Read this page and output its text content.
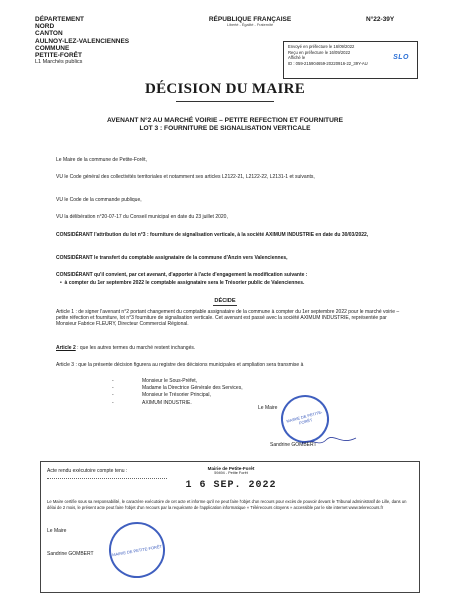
DÉPARTEMENT
NORD
CANTON
AULNOY-LEZ-VALENCIENNES
COMMUNE
PETITE-FORÊT
L1 Marchés publics
RÉPUBLIQUE FRANÇAISE
Liberté - Égalité - Fraternité
N°22-39Y
Envoyé en préfecture le 16/09/2022
Reçu en préfecture le 16/09/2022
Affiché le
ID : 059-215904659-20220916-22_39Y-AU
SLO
DÉCISION DU MAIRE
AVENANT N°2 AU MARCHÉ VOIRIE – PETITE REFECTION ET FOURNITURE
LOT 3 : FOURNITURE DE SIGNALISATION VERTICALE
Le Maire de la commune de Petite-Forêt,
VU le Code général des collectivités territoriales et notamment ses articles L2122-21, L2122-22, L2131-1 et suivants,
VU le Code de la commande publique,
VU la délibération n°20-07-17 du Conseil municipal en date du 23 juillet 2020,
CONSIDÉRANT l'attribution du lot n°3 : fourniture de signalisation verticale, à la société AXIMUM INDUSTRIE en date du 30/03/2022,
CONSIDÉRANT le transfert du comptable assignataire de la commune d'Anzin vers Valenciennes,
CONSIDÉRANT qu'il convient, par cet avenant, d'apporter à l'acte d'engagement la modification suivante :
•  à compter du 1er septembre 2022 le comptable assignataire sera le Trésorier public de Valenciennes.
DÉCIDE
Article 1 : de signer l'avenant n°2 portant changement du comptable assignataire de la commune à compter du 1er septembre 2022 pour le marché voirie – petite réfection et fourniture, lot n°3 fourniture de signalisation verticale. Cet avenant est passé avec la société AXIMUM INDUSTRIE, représentée par Monsieur Fabrice FLEURY, Directeur Commercial Régional.
Article 2 : que les autres termes du marché restent inchangés.
Article 3 : que la présente décision figurera au registre des décisions municipales et ampliation sera transmise à
-	Monsieur le Sous-Préfet,
-	Madame la Directrice Générale des Services,
-	Monsieur le Trésorier Principal,
-	AXIMUM INDUSTRIE.
MAIRIE DE PETITE-FORÊT
Le Maire
Sandrine GOMBERT
Acte rendu exécutoire compte tenu :	Mairie de Petite-Forêt
59494 - Petite Forêt
1 6 SEP. 2022
Le Maire certifie sous sa responsabilité, le caractère exécutoire de cet acte et informe qu'il ne peut faire l'objet d'un recours pour excès de pouvoir devant le Tribunal administratif de Lille, dans un délai de 2 mois, le présent acte peut faire l'objet d'un recours par la requérante de l'application informatique « Télérecours citoyens » accessible par le site internet www.telerecours.fr
Le Maire
MAIRIE DE PETITE-FORÊT
Sandrine GOMBERT
